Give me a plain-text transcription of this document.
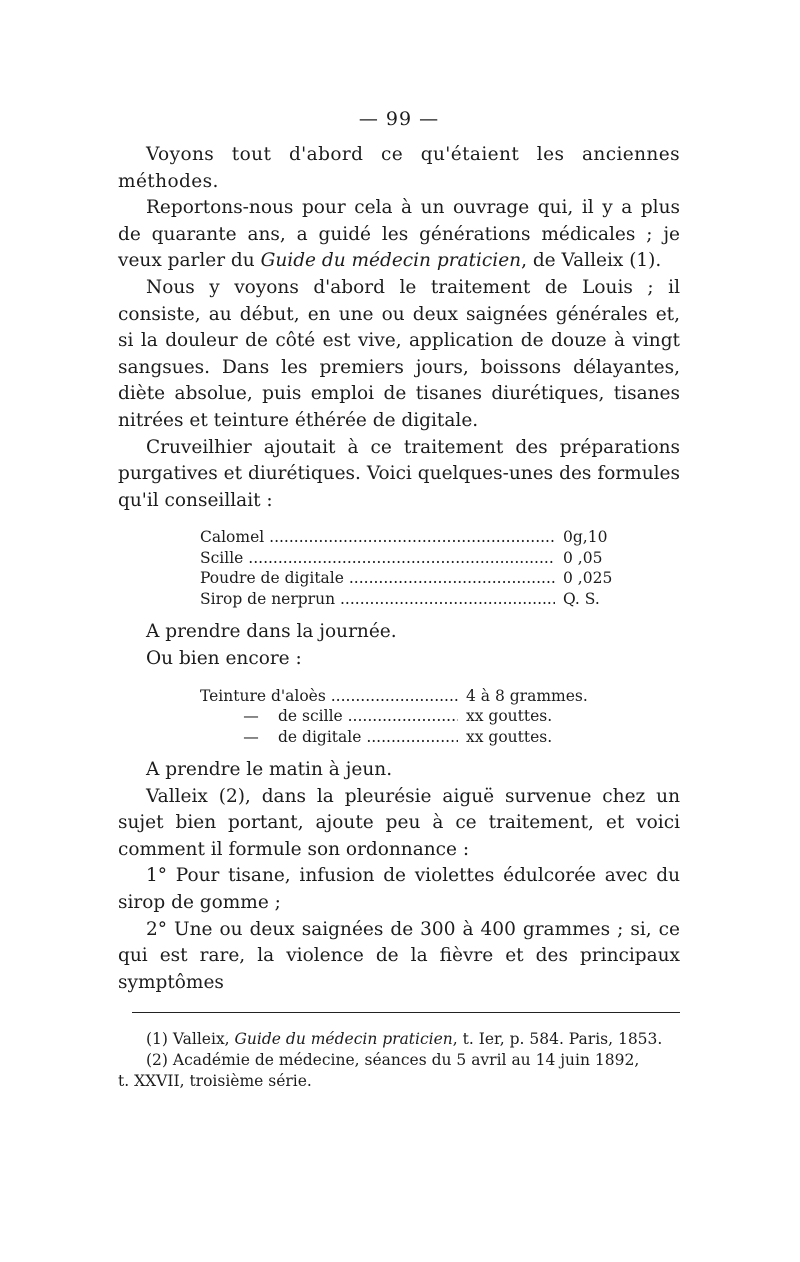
— 99 —

Voyons tout d'abord ce qu'étaient les anciennes méthodes.

Reportons-nous pour cela à un ouvrage qui, il y a plus de quarante ans, a guidé les générations médicales ; je veux parler du Guide du médecin praticien, de Valleix (1).

Nous y voyons d'abord le traitement de Louis ; il consiste, au début, en une ou deux saignées générales et, si la douleur de côté est vive, application de douze à vingt sangsues. Dans les premiers jours, boissons délayantes, diète absolue, puis emploi de tisanes diurétiques, tisanes nitrées et teinture éthérée de digitale.

Cruveilhier ajoutait à ce traitement des préparations purgatives et diurétiques. Voici quelques-unes des formules qu'il conseillait :

Calomel .....	0g,10
Scille .....	0 ,05
Poudre de digitale .....	0 ,025
Sirop de nerprun .....	Q. S.

A prendre dans la journée.

Ou bien encore :

Teinture d'aloès .....	4 à 8 grammes.
— de scille .....	xx gouttes.
— de digitale .....	xx gouttes.

A prendre le matin à jeun.

Valleix (2), dans la pleurésie aiguë survenue chez un sujet bien portant, ajoute peu à ce traitement, et voici comment il formule son ordonnance :

1° Pour tisane, infusion de violettes édulcorée avec du sirop de gomme ;

2° Une ou deux saignées de 300 à 400 grammes ; si, ce qui est rare, la violence de la fièvre et des principaux symptômes

(1) Valleix, Guide du médecin praticien, t. Ier, p. 584. Paris, 1853.

(2) Académie de médecine, séances du 5 avril au 14 juin 1892,

t. XXVII, troisième série.
